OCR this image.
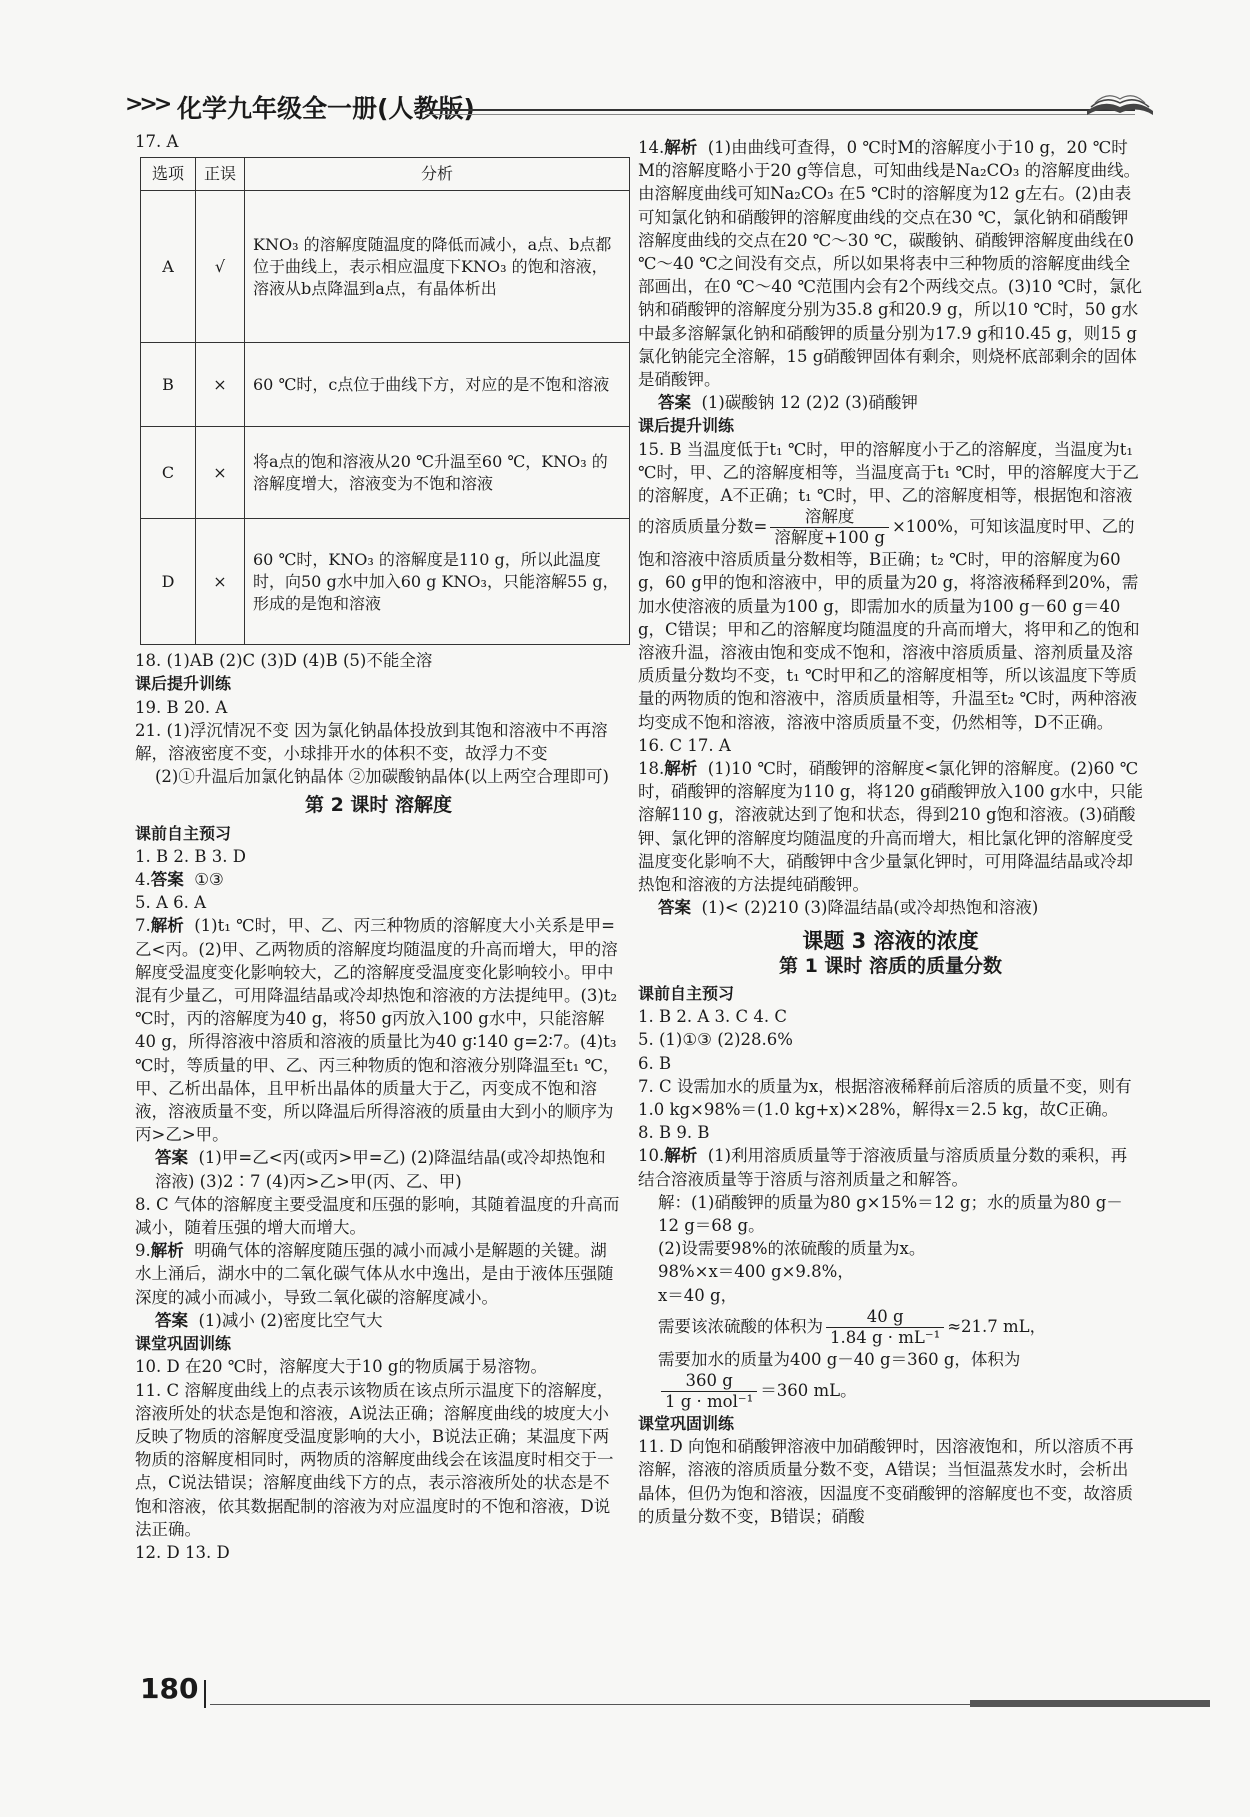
>>> 化学九年级全一册(人教版)

17. A

选项	正误	分析
A	√	KNO₃ 的溶解度随温度的降低而减小，a点、b点都位于曲线上，表示相应温度下KNO₃ 的饱和溶液，溶液从b点降温到a点，有晶体析出
B	×	60 ℃时，c点位于曲线下方，对应的是不饱和溶液
C	×	将a点的饱和溶液从20 ℃升温至60 ℃，KNO₃ 的溶解度增大，溶液变为不饱和溶液
D	×	60 ℃时，KNO₃ 的溶解度是110 g，所以此温度时，向50 g水中加入60 g KNO₃，只能溶解55 g，形成的是饱和溶液

18. (1)AB (2)C (3)D (4)B (5)不能全溶

课后提升训练

19. B 20. A

21. (1)浮沉情况不变 因为氯化钠晶体投放到其饱和溶液中不再溶解，溶液密度不变，小球排开水的体积不变，故浮力不变

(2)①升温后加氯化钠晶体 ②加碳酸钠晶体(以上两空合理即可)

第 2 课时 溶解度

课前自主预习

1. B 2. B 3. D

4.答案 ①③

5. A 6. A

7.解析 (1)t₁ ℃时，甲、乙、丙三种物质的溶解度大小关系是甲=乙<丙。(2)甲、乙两物质的溶解度均随温度的升高而增大，甲的溶解度受温度变化影响较大，乙的溶解度受温度变化影响较小。甲中混有少量乙，可用降温结晶或冷却热饱和溶液的方法提纯甲。(3)t₂ ℃时，丙的溶解度为40 g，将50 g丙放入100 g水中，只能溶解40 g，所得溶液中溶质和溶液的质量比为40 g∶140 g=2∶7。(4)t₃ ℃时，等质量的甲、乙、丙三种物质的饱和溶液分别降温至t₁ ℃，甲、乙析出晶体，且甲析出晶体的质量大于乙，丙变成不饱和溶液，溶液质量不变，所以降温后所得溶液的质量由大到小的顺序为丙>乙>甲。

答案 (1)甲=乙<丙(或丙>甲=乙) (2)降温结晶(或冷却热饱和溶液) (3)2∶7 (4)丙>乙>甲(丙、乙、甲)

8. C 气体的溶解度主要受温度和压强的影响，其随着温度的升高而减小，随着压强的增大而增大。

9.解析 明确气体的溶解度随压强的减小而减小是解题的关键。湖水上涌后，湖水中的二氧化碳气体从水中逸出，是由于液体压强随深度的减小而减小，导致二氧化碳的溶解度减小。

答案 (1)减小 (2)密度比空气大

课堂巩固训练

10. D 在20 ℃时，溶解度大于10 g的物质属于易溶物。

11. C 溶解度曲线上的点表示该物质在该点所示温度下的溶解度，溶液所处的状态是饱和溶液，A说法正确；溶解度曲线的坡度大小反映了物质的溶解度受温度影响的大小，B说法正确；某温度下两物质的溶解度相同时，两物质的溶解度曲线会在该温度时相交于一点，C说法错误；溶解度曲线下方的点，表示溶液所处的状态是不饱和溶液，依其数据配制的溶液为对应温度时的不饱和溶液，D说法正确。

12. D 13. D

14.解析 (1)由曲线可查得，0 ℃时M的溶解度小于10 g，20 ℃时M的溶解度略小于20 g等信息，可知曲线是Na₂CO₃ 的溶解度曲线。由溶解度曲线可知Na₂CO₃ 在5 ℃时的溶解度为12 g左右。(2)由表可知氯化钠和硝酸钾的溶解度曲线的交点在30 ℃，氯化钠和硝酸钾溶解度曲线的交点在20 ℃～30 ℃，碳酸钠、硝酸钾溶解度曲线在0 ℃～40 ℃之间没有交点，所以如果将表中三种物质的溶解度曲线全部画出，在0 ℃～40 ℃范围内会有2个两线交点。(3)10 ℃时，氯化钠和硝酸钾的溶解度分别为35.8 g和20.9 g，所以10 ℃时，50 g水中最多溶解氯化钠和硝酸钾的质量分别为17.9 g和10.45 g，则15 g氯化钠能完全溶解，15 g硝酸钾固体有剩余，则烧杯底部剩余的固体是硝酸钾。

答案 (1)碳酸钠 12 (2)2 (3)硝酸钾

课后提升训练

15. B 当温度低于t₁ ℃时，甲的溶解度小于乙的溶解度，当温度为t₁ ℃时，甲、乙的溶解度相等，当温度高于t₁ ℃时，甲的溶解度大于乙的溶解度，A不正确；t₁ ℃时，甲、乙的溶解度相等，根据饱和溶液的溶质质量分数= $\frac{\text{溶解度}}{\text{溶解度+100 g}} \times 100\%$，可知该温度时甲、乙的饱和溶液中溶质质量分数相等，B正确；t₂ ℃时，甲的溶解度为60 g，60 g甲的饱和溶液中，甲的质量为20 g，将溶液稀释到20%，需加水使溶液的质量为100 g，即需加水的质量为100 g－60 g＝40 g，C错误；甲和乙的溶解度均随温度的升高而增大，将甲和乙的饱和溶液升温，溶液由饱和变成不饱和，溶液中溶质质量、溶剂质量及溶质质量分数均不变，t₁ ℃时甲和乙的溶解度相等，所以该温度下等质量的两物质的饱和溶液中，溶质质量相等，升温至t₂ ℃时，两种溶液均变成不饱和溶液，溶液中溶质质量不变，仍然相等，D不正确。

16. C 17. A

18.解析 (1)10 ℃时，硝酸钾的溶解度<氯化钾的溶解度。(2)60 ℃时，硝酸钾的溶解度为110 g，将120 g硝酸钾放入100 g水中，只能溶解110 g，溶液就达到了饱和状态，得到210 g饱和溶液。(3)硝酸钾、氯化钾的溶解度均随温度的升高而增大，相比氯化钾的溶解度受温度变化影响不大，硝酸钾中含少量氯化钾时，可用降温结晶或冷却热饱和溶液的方法提纯硝酸钾。

答案 (1)< (2)210 (3)降温结晶(或冷却热饱和溶液)

课题 3 溶液的浓度

第 1 课时 溶质的质量分数

课前自主预习

1. B 2. A 3. C 4. C

5. (1)①③ (2)28.6%

6. B

7. C 设需加水的质量为x，根据溶液稀释前后溶质的质量不变，则有1.0 kg×98%＝(1.0 kg+x)×28%，解得x＝2.5 kg，故C正确。

8. B 9. B

10.解析 (1)利用溶质质量等于溶液质量与溶质质量分数的乘积，再结合溶液质量等于溶质与溶剂质量之和解答。

解：(1)硝酸钾的质量为80 g×15%＝12 g；水的质量为80 g－12 g＝68 g。

(2)设需要98%的浓硫酸的质量为x。

98%×x＝400 g×9.8%，

x＝40 g，

需要该浓硫酸的体积为 $\frac{40 g}{\text{1.84 g · mL⁻¹}} \approx 21.7$ mL，

需要加水的质量为400 g－40 g＝360 g，体积为

$\frac{360 g}{\text{1 g · mol⁻¹}} =360$ mL。

课堂巩固训练

11. D 向饱和硝酸钾溶液中加硝酸钾时，因溶液饱和，所以溶质不再溶解，溶液的溶质质量分数不变，A错误；当恒温蒸发水时，会析出晶体，但仍为饱和溶液，因温度不变硝酸钾的溶解度也不变，故溶质的质量分数不变，B错误；硝酸

180
